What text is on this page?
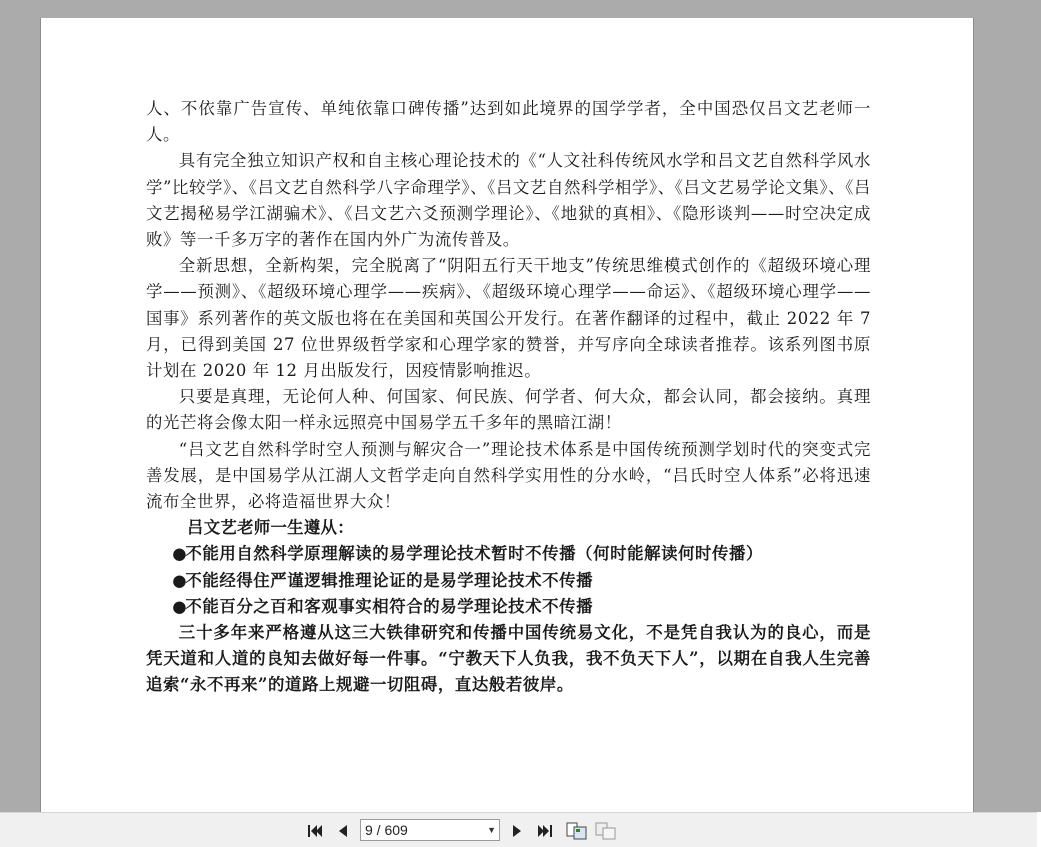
人、不依靠广告宣传、单纯依靠口碑传播”达到如此境界的国学学者，全中国恐仅吕文艺老师一人。

具有完全独立知识产权和自主核心理论技术的《“人文社科传统风水学和吕文艺自然科学风水学”比较学》、《吕文艺自然科学八字命理学》、《吕文艺自然科学相学》、《吕文艺易学论文集》、《吕文艺揭秘易学江湖骗术》、《吕文艺六爻预测学理论》、《地狱的真相》、《隐形谈判——时空决定成败》等一千多万字的著作在国内外广为流传普及。

全新思想，全新构架，完全脱离了“阴阳五行天干地支”传统思维模式创作的《超级环境心理学——预测》、《超级环境心理学——疾病》、《超级环境心理学——命运》、《超级环境心理学——国事》系列著作的英文版也将在在美国和英国公开发行。在著作翻译的过程中，截止 2022 年 7 月，已得到美国 27 位世界级哲学家和心理学家的赞誉，并写序向全球读者推荐。该系列图书原计划在 2020 年 12 月出版发行，因疫情影响推迟。

只要是真理，无论何人种、何国家、何民族、何学者、何大众，都会认同，都会接纳。真理的光芒将会像太阳一样永远照亮中国易学五千多年的黑暗江湖！

“吕文艺自然科学时空人预测与解灾合一”理论技术体系是中国传统预测学划时代的突变式完善发展，是中国易学从江湖人文哲学走向自然科学实用性的分水岭，“吕氏时空人体系”必将迅速流布全世界，必将造福世界大众！

吕文艺老师一生遵从：

●不能用自然科学原理解读的易学理论技术暂时不传播（何时能解读何时传播）

●不能经得住严谨逻辑推理论证的是易学理论技术不传播

●不能百分之百和客观事实相符合的易学理论技术不传播

三十多年来严格遵从这三大铁律研究和传播中国传统易文化，不是凭自我认为的良心，而是凭天道和人道的良知去做好每一件事。“宁教天下人负我，我不负天下人”，以期在自我人生完善追索“永不再来”的道路上规避一切阻碍，直达般若彼岸。

9 / 609	▼
